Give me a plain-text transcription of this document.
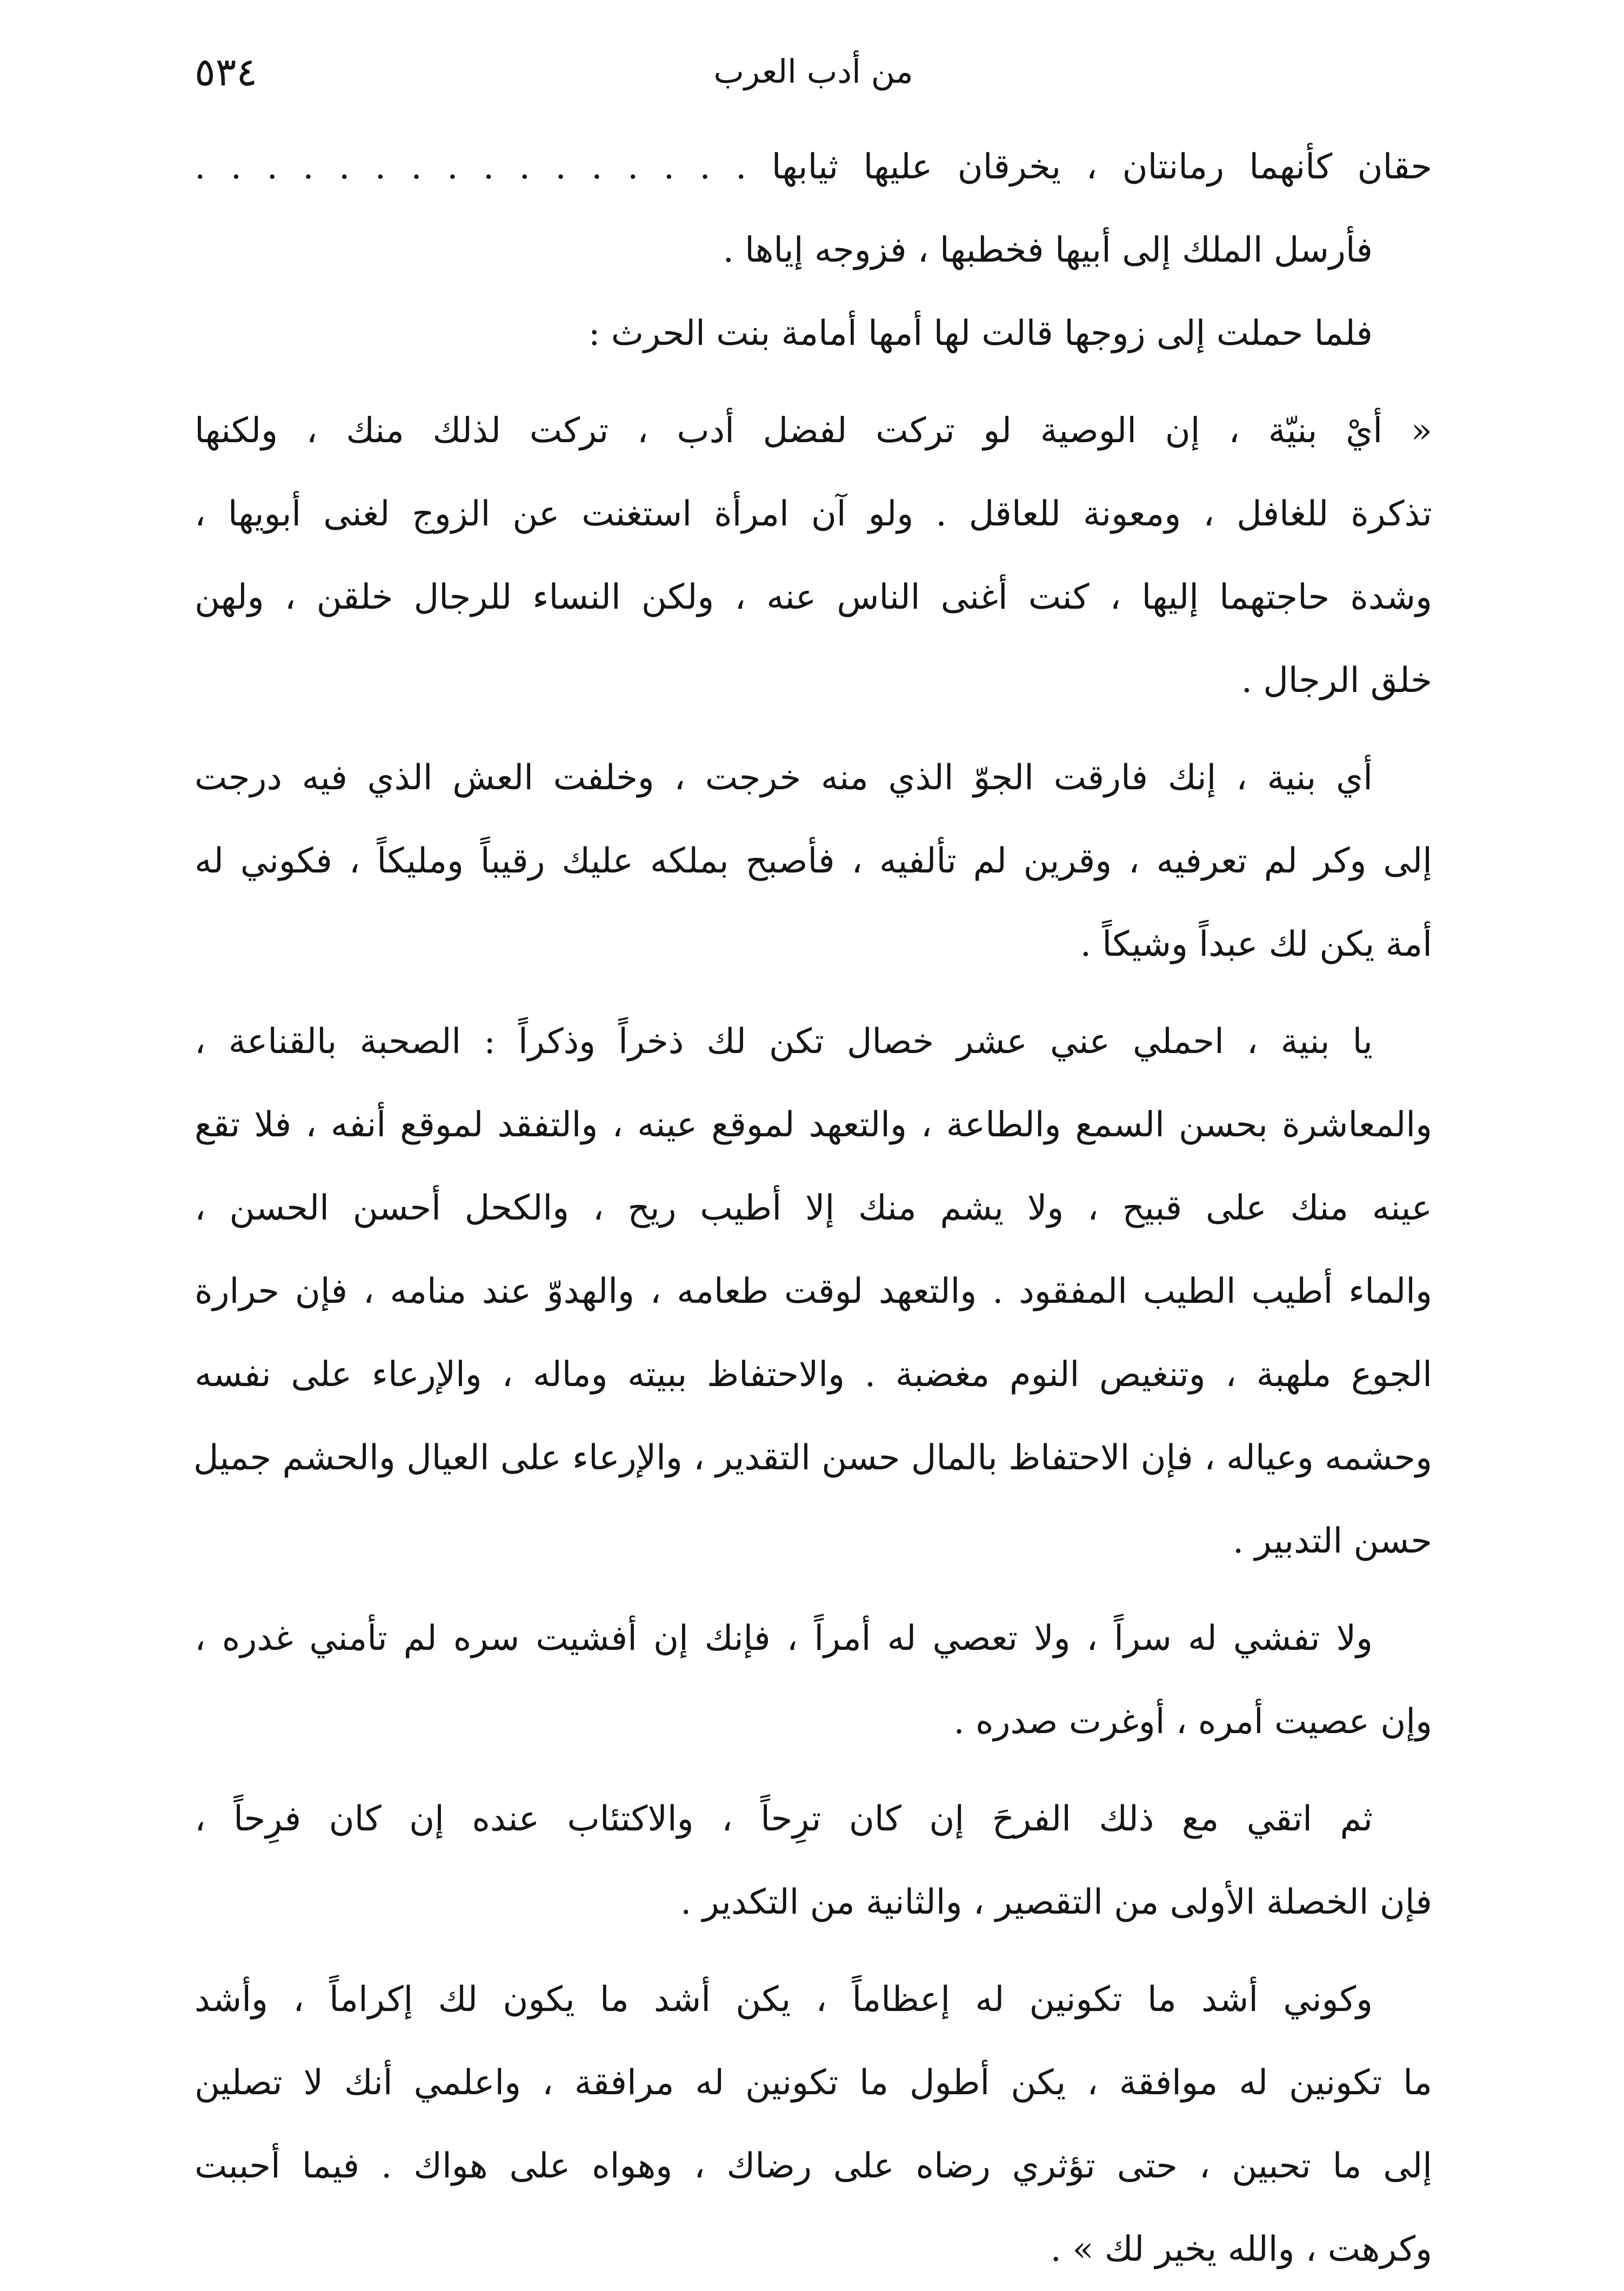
٥٣٤	من أدب العرب
حقان كأنهما رمانتان ، يخرقان عليها ثيابها . . . . . . . . . . . . . . . .
فأرسل الملك إلى أبيها فخطبها ، فزوجه إياها .
فلما حملت إلى زوجها قالت لها أمها أمامة بنت الحرث :
« أيْ بنيّة ، إن الوصية لو تركت لفضل أدب ، تركت لذلك منك ، ولكنها
تذكرة للغافل ، ومعونة للعاقل . ولو آن امرأة استغنت عن الزوج لغنى أبويها ،
وشدة حاجتهما إليها ، كنت أغنى الناس عنه ، ولكن النساء للرجال خلقن ، ولهن
خلق الرجال .
أي بنية ، إنك فارقت الجوّ الذي منه خرجت ، وخلفت العش الذي فيه درجت
إلى وكر لم تعرفيه ، وقرين لم تألفيه ، فأصبح بملكه عليك رقيباً ومليكاً ، فكوني له
أمة يكن لك عبداً وشيكاً .
يا بنية ، احملي عني عشر خصال تكن لك ذخراً وذكراً : الصحبة بالقناعة ،
والمعاشرة بحسن السمع والطاعة ، والتعهد لموقع عينه ، والتفقد لموقع أنفه ، فلا تقع
عينه منك على قبيح ، ولا يشم منك إلا أطيب ريح ، والكحل أحسن الحسن ،
والماء أطيب الطيب المفقود . والتعهد لوقت طعامه ، والهدوّ عند منامه ، فإن حرارة
الجوع ملهبة ، وتنغيص النوم مغضبة . والاحتفاظ ببيته وماله ، والإرعاء على نفسه
وحشمه وعياله ، فإن الاحتفاظ بالمال حسن التقدير ، والإرعاء على العيال والحشم جميل
حسن التدبير .
ولا تفشي له سراً ، ولا تعصي له أمراً ، فإنك إن أفشيت سره لم تأمني غدره ،
وإن عصيت أمره ، أوغرت صدره .
ثم اتقي مع ذلك الفرحَ إن كان ترِحاً ، والاكتئاب عنده إن كان فرِحاً ،
فإن الخصلة الأولى من التقصير ، والثانية من التكدير .
وكوني أشد ما تكونين له إعظاماً ، يكن أشد ما يكون لك إكراماً ، وأشد
ما تكونين له موافقة ، يكن أطول ما تكونين له مرافقة ، واعلمي أنك لا تصلين
إلى ما تحبين ، حتى تؤثري رضاه على رضاك ، وهواه على هواك . فيما أحببت
وكرهت ، والله يخير لك » .
